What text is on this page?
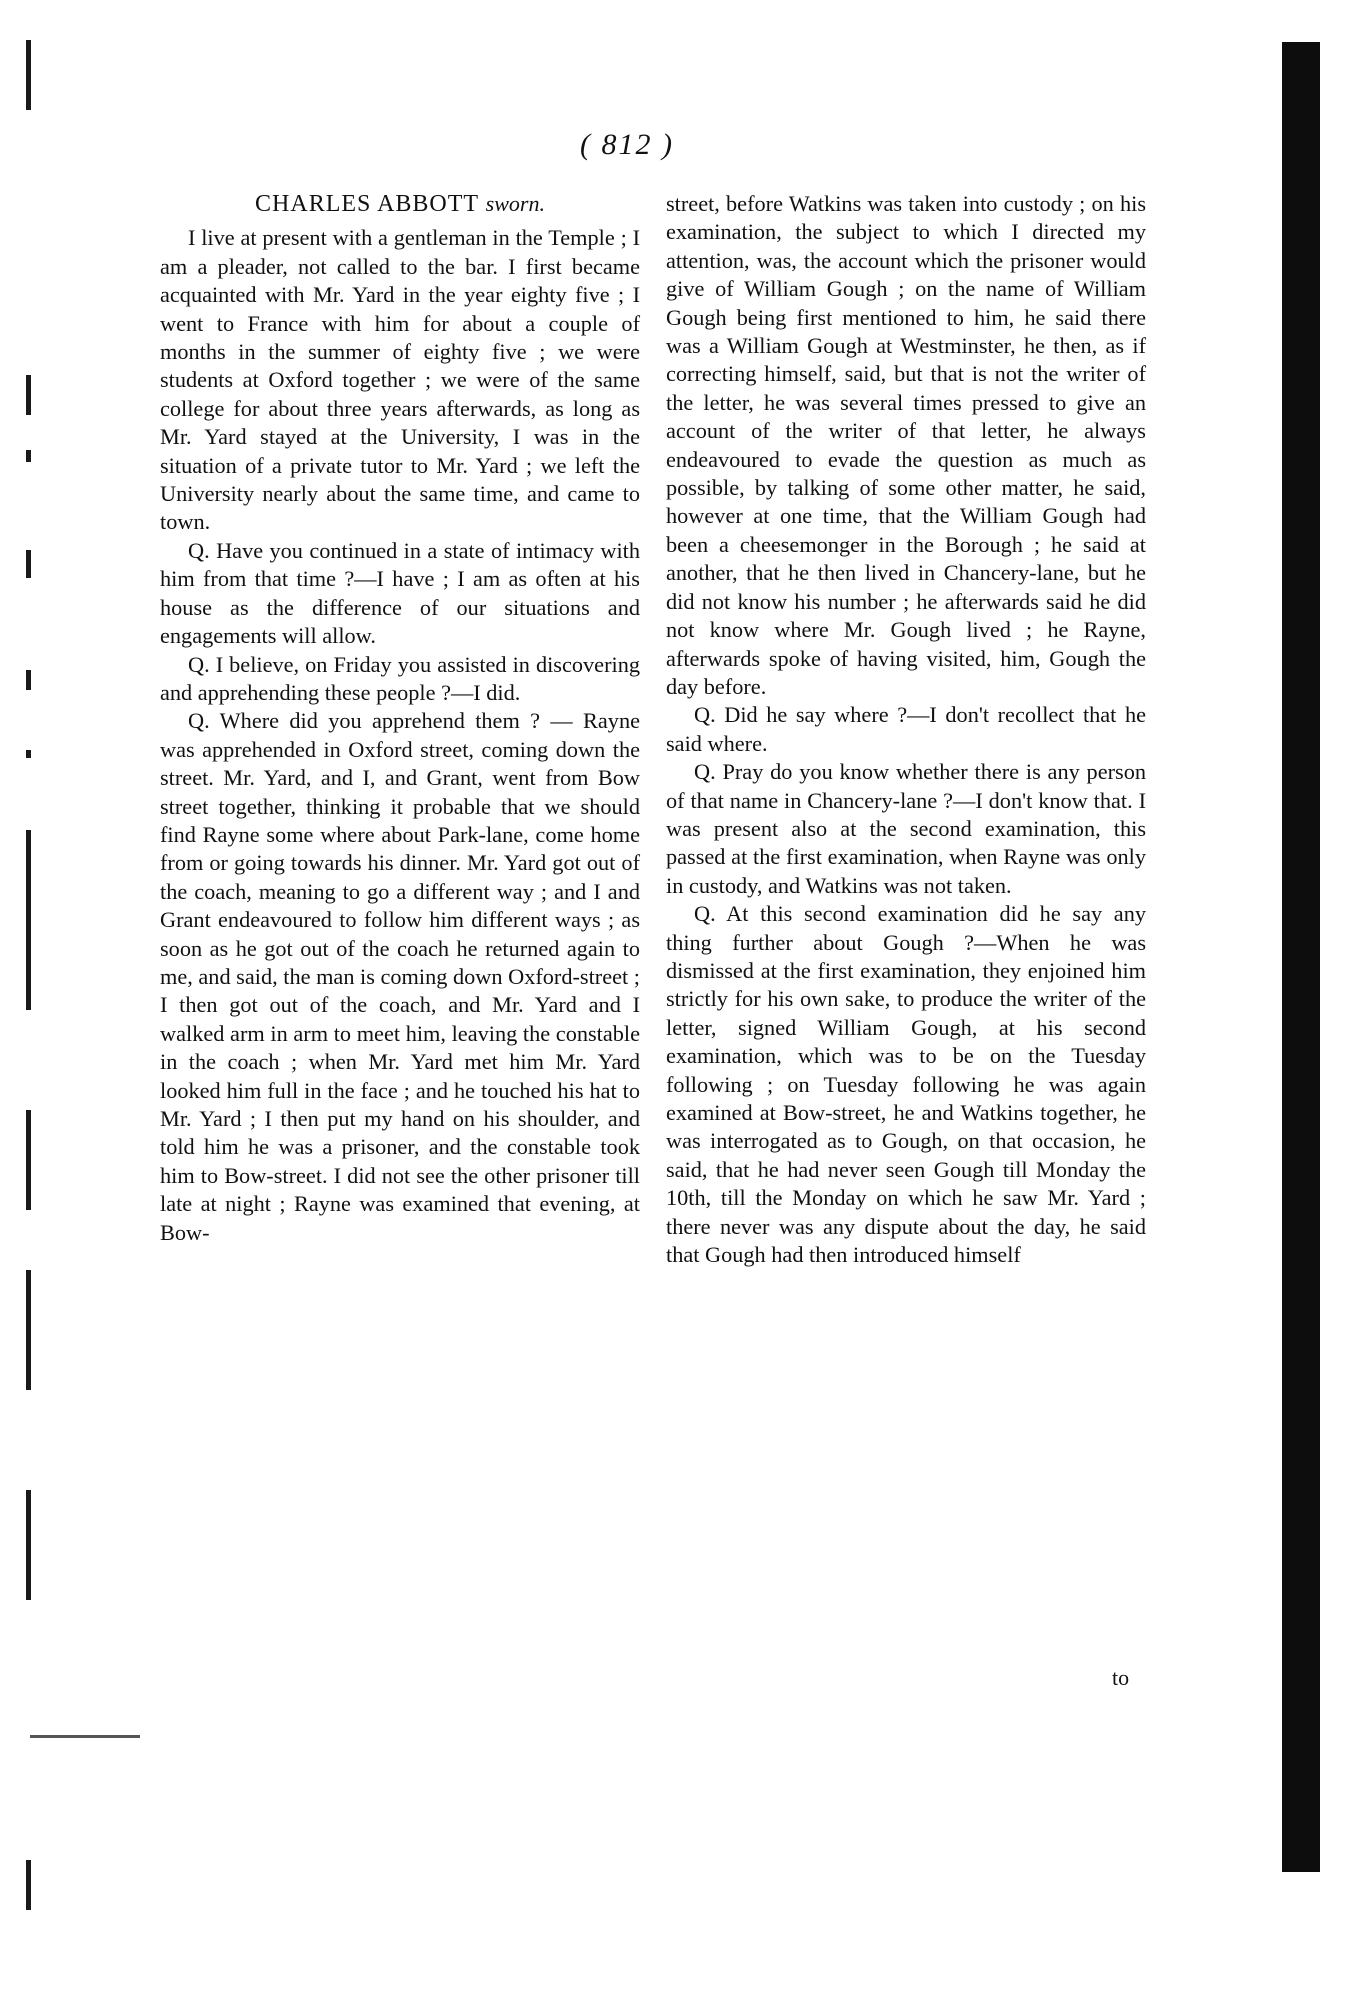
( 812 )

CHARLES ABBOTT sworn.

I live at present with a gentleman in the Temple ; I am a pleader, not called to the bar. I first became acquainted with Mr. Yard in the year eighty five ; I went to France with him for about a couple of months in the summer of eighty five ; we were students at Oxford together ; we were of the same college for about three years afterwards, as long as Mr. Yard stayed at the University, I was in the situation of a private tutor to Mr. Yard ; we left the University nearly about the same time, and came to town.

Q. Have you continued in a state of intimacy with him from that time ?—I have ; I am as often at his house as the difference of our situations and engagements will allow.

Q. I believe, on Friday you assisted in discovering and apprehending these people ?—I did.

Q. Where did you apprehend them ? — Rayne was apprehended in Oxford street, coming down the street. Mr. Yard, and I, and Grant, went from Bow street together, thinking it probable that we should find Rayne some where about Park-lane, come home from or going towards his dinner. Mr. Yard got out of the coach, meaning to go a different way ; and I and Grant endeavoured to follow him different ways ; as soon as he got out of the coach he returned again to me, and said, the man is coming down Oxford-street ; I then got out of the coach, and Mr. Yard and I walked arm in arm to meet him, leaving the constable in the coach ; when Mr. Yard met him Mr. Yard looked him full in the face ; and he touched his hat to Mr. Yard ; I then put my hand on his shoulder, and told him he was a prisoner, and the constable took him to Bow-street. I did not see the other prisoner till late at night ; Rayne was examined that evening, at Bow-

street, before Watkins was taken into custody ; on his examination, the subject to which I directed my attention, was, the account which the prisoner would give of William Gough ; on the name of William Gough being first mentioned to him, he said there was a William Gough at Westminster, he then, as if correcting himself, said, but that is not the writer of the letter, he was several times pressed to give an account of the writer of that letter, he always endeavoured to evade the question as much as possible, by talking of some other matter, he said, however at one time, that the William Gough had been a cheesemonger in the Borough ; he said at another, that he then lived in Chancery-lane, but he did not know his number ; he afterwards said he did not know where Mr. Gough lived ; he Rayne, afterwards spoke of having visited, him, Gough the day before.

Q. Did he say where ?—I don't recollect that he said where.

Q. Pray do you know whether there is any person of that name in Chancery-lane ?—I don't know that. I was present also at the second examination, this passed at the first examination, when Rayne was only in custody, and Watkins was not taken.

Q. At this second examination did he say any thing further about Gough ?—When he was dismissed at the first examination, they enjoined him strictly for his own sake, to produce the writer of the letter, signed William Gough, at his second examination, which was to be on the Tuesday following ; on Tuesday following he was again examined at Bow-street, he and Watkins together, he was interrogated as to Gough, on that occasion, he said, that he had never seen Gough till Monday the 10th, till the Monday on which he saw Mr. Yard ; there never was any dispute about the day, he said that Gough had then introduced himself

to
